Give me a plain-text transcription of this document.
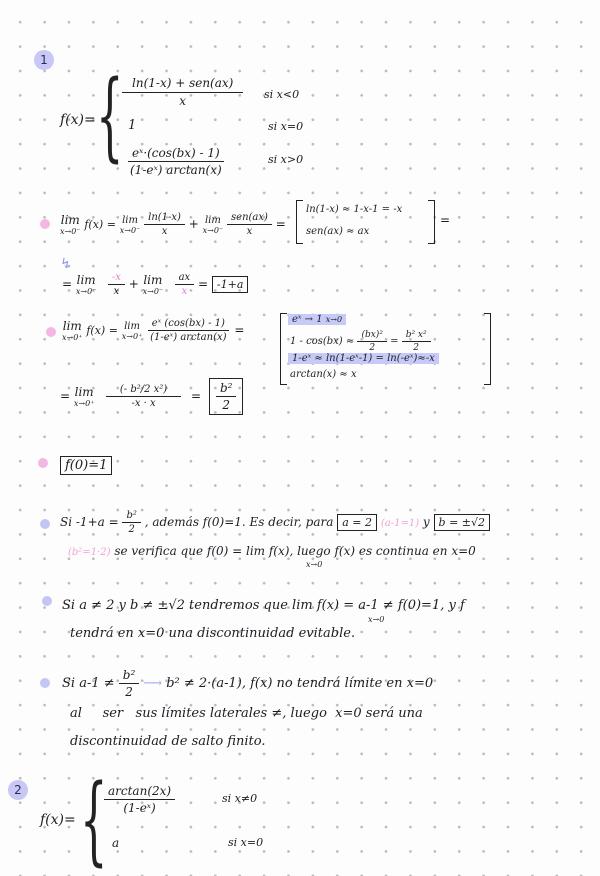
1
f(x)= {
$\frac{\text{ln(1-x) + sen(ax)}}{x}$ si x<0
1	si x=0
$\frac{\text{eˣ·(cos(bx) - 1)}}{\text{(1-eˣ) arctan(x)}}$	si x>0
lim
x→0⁻
f(x) = lim
x→0⁻
$\frac{\ln(1-x)}{x} + \lim$
x→0⁻
$\frac{\text{sen(ax)}}{x}$ =
ln(1-x) ≈ 1-x-1 = -x
sen(ax) ≈ ax
=
↯
= lim
x→0⁻
$\frac{-x}{x} + \lim$
x→0⁻
$\frac{ax}{x} = -1+a$
lim
x→0⁺
f(x) = lim
x→0⁺
$\frac{\text{eˣ (cos(bx) - 1)}}{\text{(1-eˣ) arctan(x)}}$ =
eˣ → 1 x→0
$1 - \cos(bx) \approx \frac{\text{(bx)²}}{2} = \frac{\text{b² x²}}{2}$
1-eˣ ≈ ln(1-eˣ-1) = ln(-eˣ)≈-x
arctan(x) ≈ x
= lim
x→0⁺
$\frac{\text{(- b²/2 x²)}}{-x \cdot x} = \frac{\text{b²}}{2}$
f(0)=1
Si $-1+a = \frac{\text{b²}}{2}$ , además f(0)=1. Es decir, para a = 2 (a-1=1) y b = ±√2
(b²=1·2) se verifica que f(0) = lim f(x), luego f(x) es continua en x=0
x→0
Si a ≠ 2 y b ≠ ±√2 tendremos que lim f(x) = a-1 ≠ f(0)=1, y f
x→0
tendrá en x=0 una discontinuidad evitable.
Si $a-1 \ne \frac{\text{b²}}{2}$ ⟶ b² ≠ 2·(a-1), f(x) no tendrá límite en x=0
al     ser   sus límites laterales ≠, luego  x=0 será una
discontinuidad de salto finito.
2
f(x)= {
$\frac{\arctan(2x)}{\text{(1-eˣ)}}$	si x≠0
a	si x=0
